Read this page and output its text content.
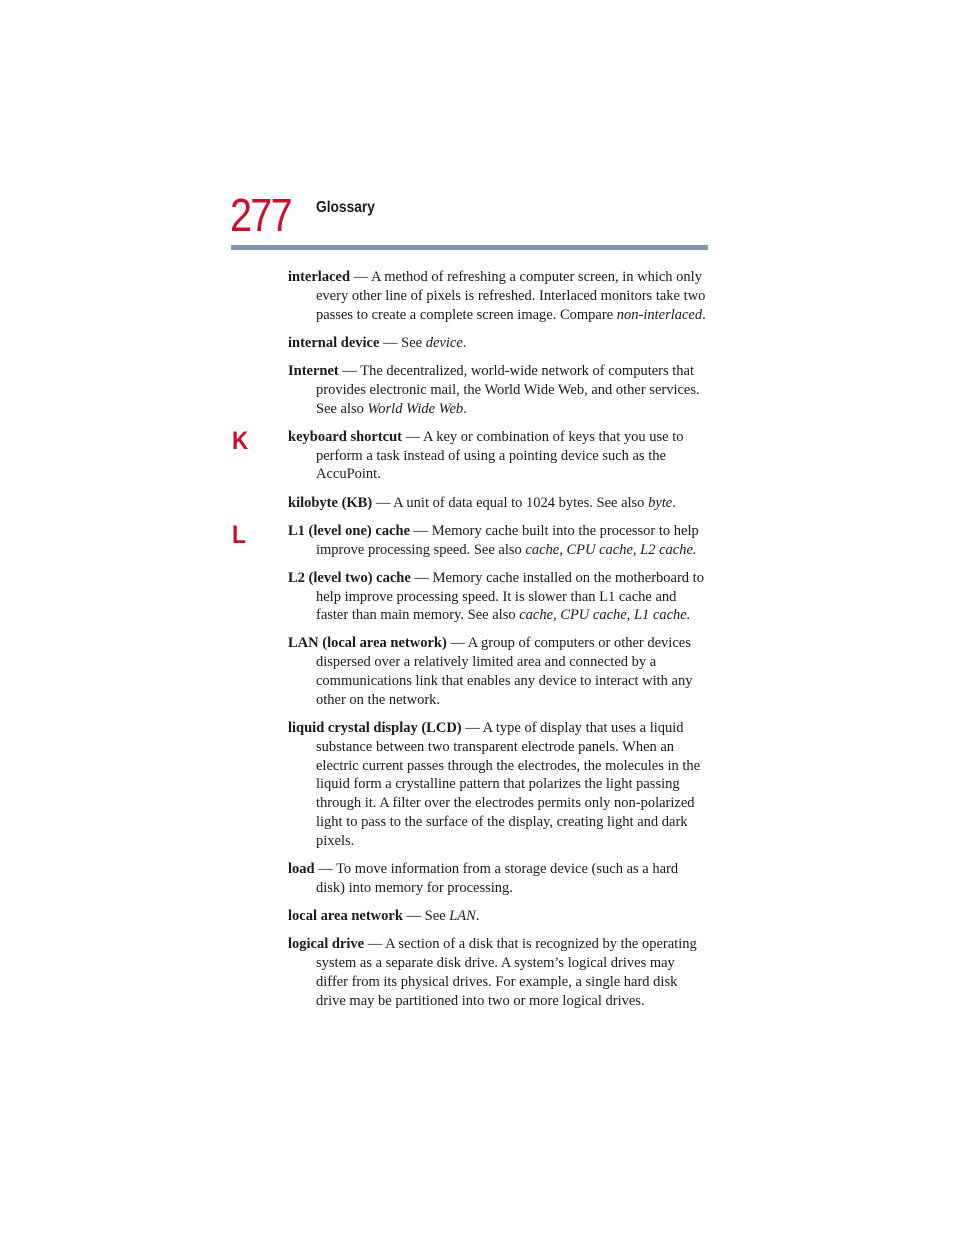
277 Glossary
K
L

interlaced — A method of refreshing a computer screen, in which only every other line of pixels is refreshed. Interlaced monitors take two passes to create a complete screen image. Compare non-interlaced.

internal device — See device.

Internet — The decentralized, world-wide network of computers that provides electronic mail, the World Wide Web, and other services. See also World Wide Web.

keyboard shortcut — A key or combination of keys that you use to perform a task instead of using a pointing device such as the AccuPoint.

kilobyte (KB) — A unit of data equal to 1024 bytes. See also byte.

L1 (level one) cache — Memory cache built into the processor to help improve processing speed. See also cache, CPU cache, L2 cache.

L2 (level two) cache — Memory cache installed on the motherboard to help improve processing speed. It is slower than L1 cache and faster than main memory. See also cache, CPU cache, L1 cache.

LAN (local area network) — A group of computers or other devices dispersed over a relatively limited area and connected by a communications link that enables any device to interact with any other on the network.

liquid crystal display (LCD) — A type of display that uses a liquid substance between two transparent electrode panels. When an electric current passes through the electrodes, the molecules in the liquid form a crystalline pattern that polarizes the light passing through it. A filter over the electrodes permits only non-polarized light to pass to the surface of the display, creating light and dark pixels.

load — To move information from a storage device (such as a hard disk) into memory for processing.

local area network — See LAN.

logical drive — A section of a disk that is recognized by the operating system as a separate disk drive. A system’s logical drives may differ from its physical drives. For example, a single hard disk drive may be partitioned into two or more logical drives.
